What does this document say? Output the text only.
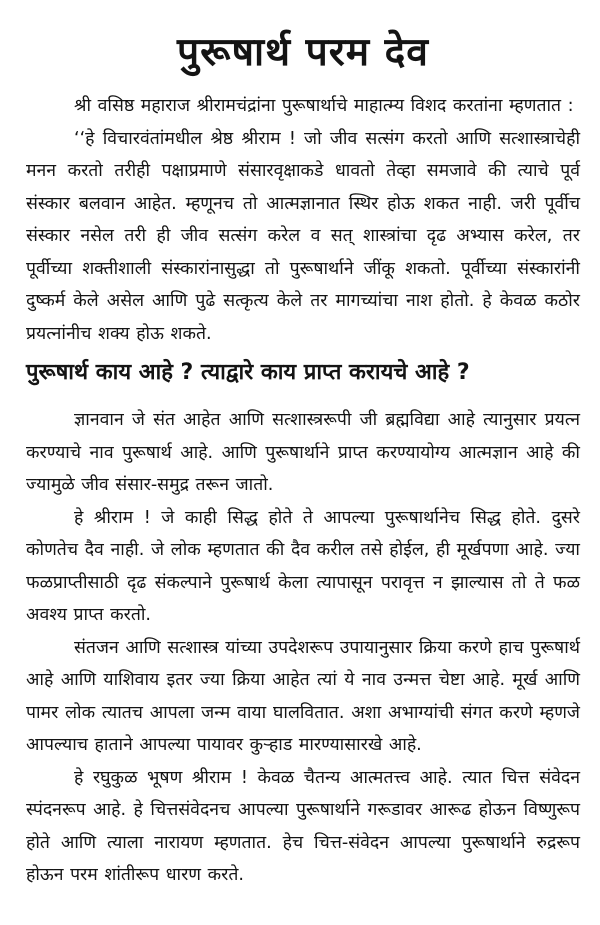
पुरूषार्थ परम देव

श्री वसिष्ठ महाराज श्रीरामचंद्रांना पुरूषार्थाचे माहात्म्य विशद करतांना म्हणतात :

‘‘हे विचारवंतांमधील श्रेष्ठ श्रीराम ! जो जीव सत्संग करतो आणि सत्शास्त्राचेही मनन करतो तरीही पक्षाप्रमाणे संसारवृक्षाकडे धावतो तेव्हा समजावे की त्याचे पूर्व संस्कार बलवान आहेत. म्हणूनच तो आत्मज्ञानात स्थिर होऊ शकत नाही. जरी पूर्वीच संस्कार नसेल तरी ही जीव सत्संग करेल व सत् शास्त्रांचा दृढ अभ्यास करेल, तर पूर्वीच्या शक्तीशाली संस्कारांनासुद्धा तो पुरूषार्थाने जींकू शकतो. पूर्वीच्या संस्कारांनी दुष्कर्म केले असेल आणि पुढे सत्कृत्य केले तर मागच्यांचा नाश होतो. हे केवळ कठोर प्रयत्नांनीच शक्य होऊ शकते.

पुरूषार्थ काय आहे ? त्याद्वारे काय प्राप्त करायचे आहे ?

ज्ञानवान जे संत आहेत आणि सत्शास्त्ररूपी जी ब्रह्मविद्या आहे त्यानुसार प्रयत्न करण्याचे नाव पुरूषार्थ आहे. आणि पुरूषार्थाने प्राप्त करण्यायोग्य आत्मज्ञान आहे की ज्यामुळे जीव संसार-समुद्र तरून जातो.

हे श्रीराम ! जे काही सिद्ध होते ते आपल्या पुरूषार्थानेच सिद्ध होते. दुसरे कोणतेच दैव नाही. जे लोक म्हणतात की दैव करील तसे होईल, ही मूर्खपणा आहे. ज्या फळप्राप्तीसाठी दृढ संकल्पाने पुरूषार्थ केला त्यापासून परावृत्त न झाल्यास तो ते फळ अवश्य प्राप्त करतो.

संतजन आणि सत्शास्त्र यांच्या उपदेशरूप उपायानुसार क्रिया करणे हाच पुरूषार्थ आहे आणि याशिवाय इतर ज्या क्रिया आहेत त्यां ये नाव उन्मत्त चेष्टा आहे. मूर्ख आणि पामर लोक त्यातच आपला जन्म वाया घालवितात. अशा अभाग्यांची संगत करणे म्हणजे आपल्याच हाताने आपल्या पायावर कुऱ्हाड मारण्यासारखे आहे.

हे रघुकुळ भूषण श्रीराम ! केवळ चैतन्य आत्मतत्त्व आहे. त्यात चित्त संवेदन स्पंदनरूप आहे. हे चित्तसंवेदनच आपल्या पुरूषार्थाने गरूडावर आरूढ होऊन विष्णुरूप होते आणि त्याला नारायण म्हणतात. हेच चित्त-संवेदन आपल्या पुरूषार्थाने रुद्ररूप होऊन परम शांतीरूप धारण करते.
